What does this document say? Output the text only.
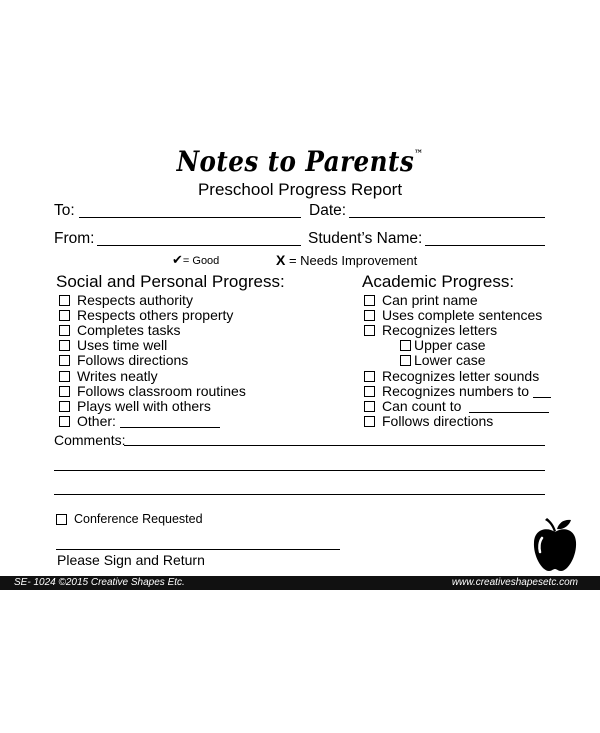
Notes to Parents™
Preschool Progress Report
To:	Date:
From:	Student’s Name:
✔= Good	X = Needs Improvement
Social and Personal Progress:
Respects authority
Respects others property
Completes tasks
Uses time well
Follows directions
Writes neatly
Follows classroom routines
Plays well with others
Other:
Academic Progress:
Can print name
Uses complete sentences
Recognizes letters
Upper case
Lower case
Recognizes letter sounds
Recognizes numbers to
Can count to
Follows directions
Comments:
Conference Requested
Please Sign and Return
SE- 1024 ©2015 Creative Shapes Etc.	www.creativeshapesetc.com
